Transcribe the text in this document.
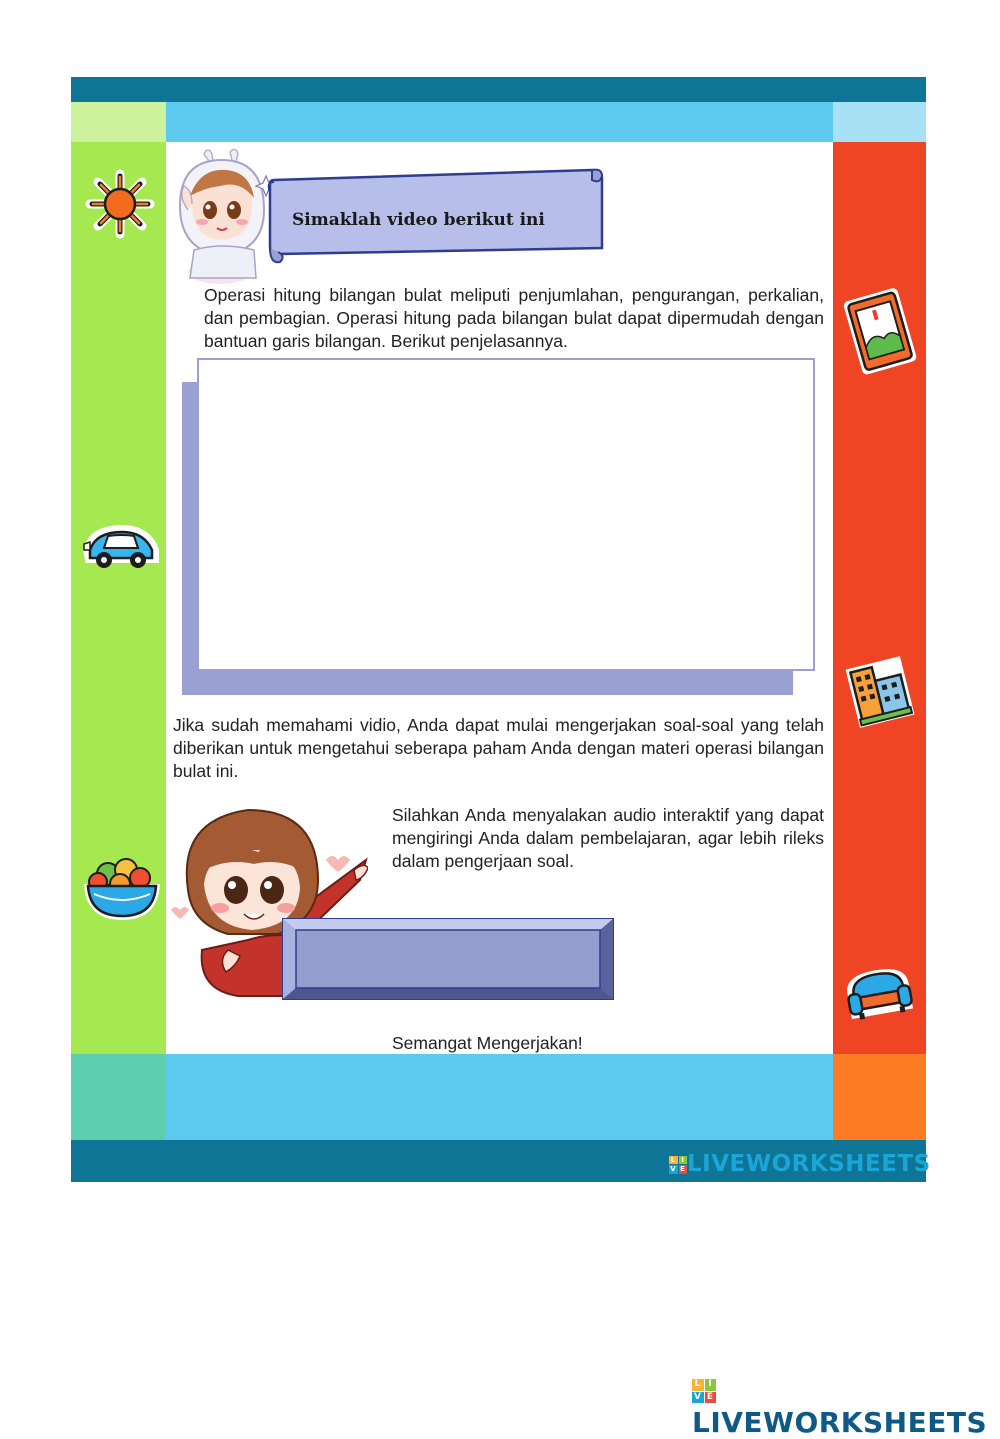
Simaklah video berikut ini
Operasi hitung bilangan bulat meliputi penjumlahan, pengurangan, perkalian, dan pembagian. Operasi hitung pada bilangan bulat dapat dipermudah dengan bantuan garis bilangan. Berikut penjelasannya.
Jika sudah memahami vidio, Anda dapat mulai mengerjakan soal-soal yang telah diberikan untuk mengetahui seberapa paham Anda dengan materi operasi bilangan bulat ini.
Silahkan Anda menyalakan audio interaktif yang dapat mengiringi Anda dalam pembelajaran, agar lebih rileks dalam pengerjaan soal.
Semangat Mengerjakan!
L I
V E LIVEWORKSHEETS
L I
V E
LIVEWORKSHEETS
